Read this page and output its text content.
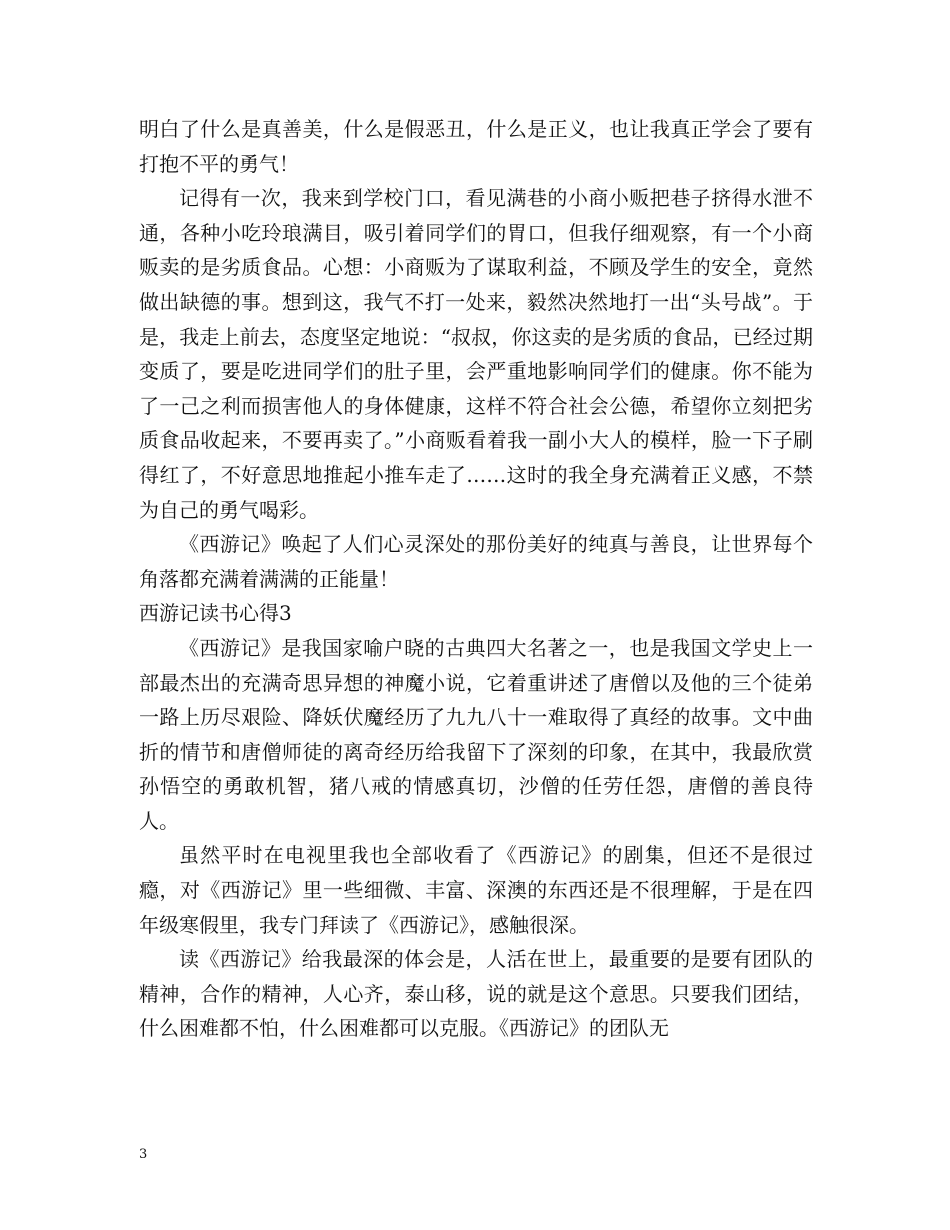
明白了什么是真善美，什么是假恶丑，什么是正义，也让我真正学会了要有打抱不平的勇气！

记得有一次，我来到学校门口，看见满巷的小商小贩把巷子挤得水泄不通，各种小吃玲琅满目，吸引着同学们的胃口，但我仔细观察，有一个小商贩卖的是劣质食品。心想：小商贩为了谋取利益，不顾及学生的安全，竟然做出缺德的事。想到这，我气不打一处来，毅然决然地打一出“头号战”。于是，我走上前去，态度坚定地说：“叔叔，你这卖的是劣质的食品，已经过期变质了，要是吃进同学们的肚子里，会严重地影响同学们的健康。你不能为了一己之利而损害他人的身体健康，这样不符合社会公德，希望你立刻把劣质食品收起来，不要再卖了。”小商贩看着我一副小大人的模样，脸一下子刷得红了，不好意思地推起小推车走了……这时的我全身充满着正义感，不禁为自己的勇气喝彩。

《西游记》唤起了人们心灵深处的那份美好的纯真与善良，让世界每个角落都充满着满满的正能量！

西游记读书心得3

《西游记》是我国家喻户晓的古典四大名著之一，也是我国文学史上一部最杰出的充满奇思异想的神魔小说，它着重讲述了唐僧以及他的三个徒弟一路上历尽艰险、降妖伏魔经历了九九八十一难取得了真经的故事。文中曲折的情节和唐僧师徒的离奇经历给我留下了深刻的印象，在其中，我最欣赏孙悟空的勇敢机智，猪八戒的情感真切，沙僧的任劳任怨，唐僧的善良待人。

虽然平时在电视里我也全部收看了《西游记》的剧集，但还不是很过瘾，对《西游记》里一些细微、丰富、深澳的东西还是不很理解，于是在四年级寒假里，我专门拜读了《西游记》，感触很深。

读《西游记》给我最深的体会是，人活在世上，最重要的是要有团队的精神，合作的精神，人心齐，泰山移，说的就是这个意思。只要我们团结，什么困难都不怕，什么困难都可以克服。《西游记》的团队无

3
